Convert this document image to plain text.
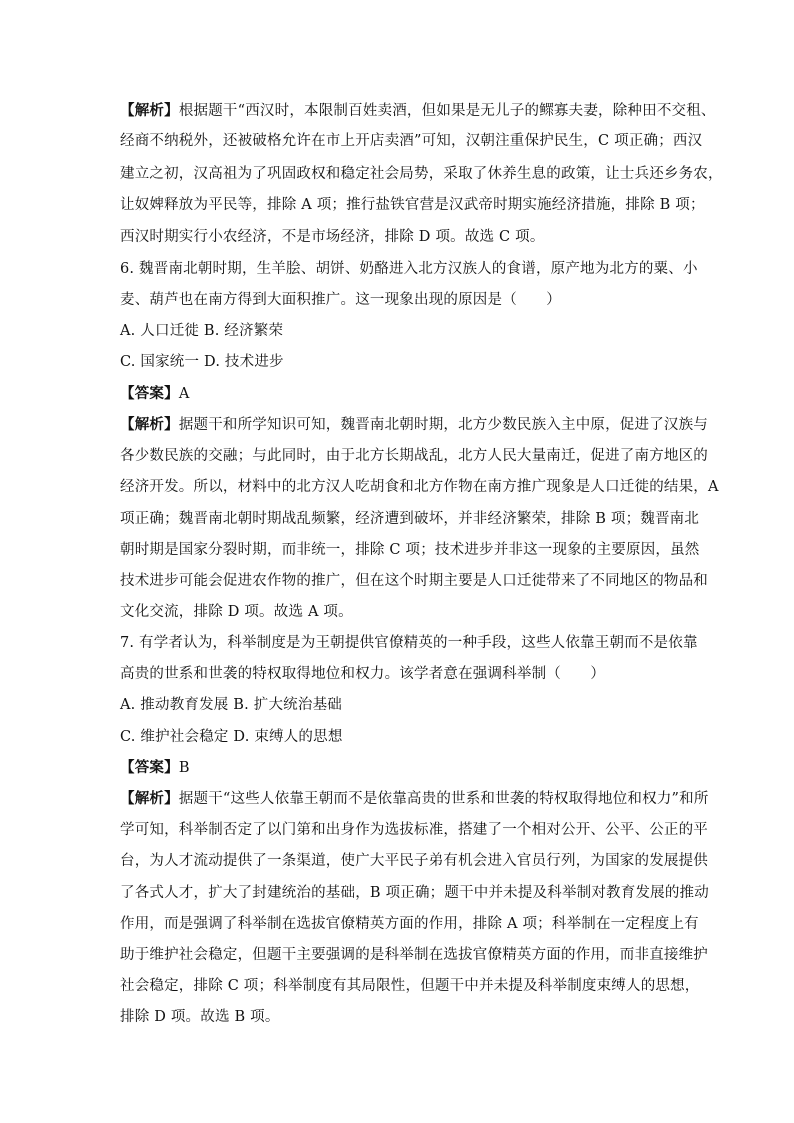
【解析】根据题干“西汉时，本限制百姓卖酒，但如果是无儿子的鳏寡夫妻，除种田不交租、
经商不纳税外，还被破格允许在市上开店卖酒”可知，汉朝注重保护民生，C 项正确；西汉
建立之初，汉高祖为了巩固政权和稳定社会局势，采取了休养生息的政策，让士兵还乡务农，
让奴婢释放为平民等，排除 A 项；推行盐铁官营是汉武帝时期实施经济措施，排除 B 项；
西汉时期实行小农经济，不是市场经济，排除 D 项。故选 C 项。
6. 魏晋南北朝时期，生羊脍、胡饼、奶酪进入北方汉族人的食谱，原产地为北方的粟、小
麦、葫芦也在南方得到大面积推广。这一现象出现的原因是（　　）
A. 人口迁徙 B. 经济繁荣
C. 国家统一 D. 技术进步
【答案】A
【解析】据题干和所学知识可知，魏晋南北朝时期，北方少数民族入主中原，促进了汉族与
各少数民族的交融；与此同时，由于北方长期战乱，北方人民大量南迁，促进了南方地区的
经济开发。所以，材料中的北方汉人吃胡食和北方作物在南方推广现象是人口迁徙的结果，A
项正确；魏晋南北朝时期战乱频繁，经济遭到破坏，并非经济繁荣，排除 B 项；魏晋南北
朝时期是国家分裂时期，而非统一，排除 C 项；技术进步并非这一现象的主要原因，虽然
技术进步可能会促进农作物的推广，但在这个时期主要是人口迁徙带来了不同地区的物品和
文化交流，排除 D 项。故选 A 项。
7. 有学者认为，科举制度是为王朝提供官僚精英的一种手段，这些人依靠王朝而不是依靠
高贵的世系和世袭的特权取得地位和权力。该学者意在强调科举制（　　）
A. 推动教育发展 B. 扩大统治基础
C. 维护社会稳定 D. 束缚人的思想
【答案】B
【解析】据题干“这些人依靠王朝而不是依靠高贵的世系和世袭的特权取得地位和权力”和所
学可知，科举制否定了以门第和出身作为选拔标准，搭建了一个相对公开、公平、公正的平
台，为人才流动提供了一条渠道，使广大平民子弟有机会进入官员行列，为国家的发展提供
了各式人才，扩大了封建统治的基础，B 项正确；题干中并未提及科举制对教育发展的推动
作用，而是强调了科举制在选拔官僚精英方面的作用，排除 A 项；科举制在一定程度上有
助于维护社会稳定，但题干主要强调的是科举制在选拔官僚精英方面的作用，而非直接维护
社会稳定，排除 C 项；科举制度有其局限性，但题干中并未提及科举制度束缚人的思想，
排除 D 项。故选 B 项。
